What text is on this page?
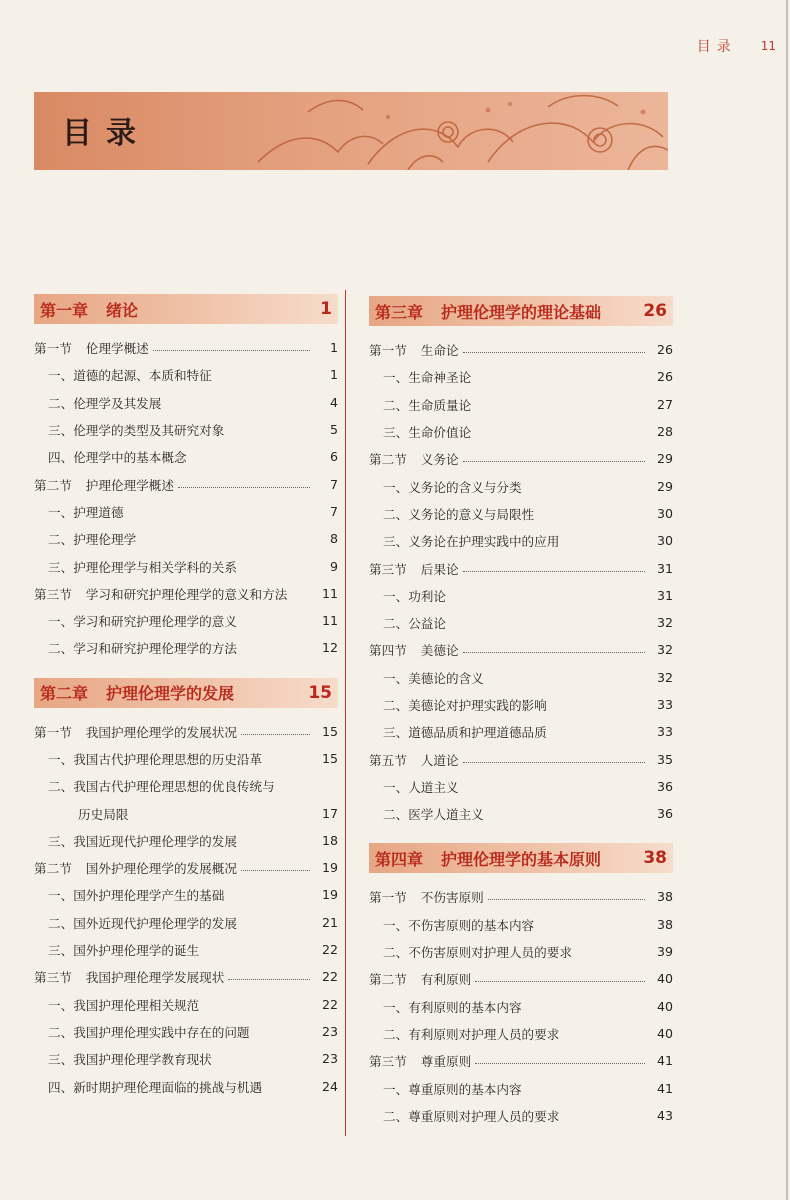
目录 11
目录
第一章 绪论	1
第一节 伦理学概述	1
一、道德的起源、本质和特征	1
二、伦理学及其发展	4
三、伦理学的类型及其研究对象	5
四、伦理学中的基本概念	6
第二节 护理伦理学概述	7
一、护理道德	7
二、护理伦理学	8
三、护理伦理学与相关学科的关系	9
第三节 学习和研究护理伦理学的意义和方法	11
一、学习和研究护理伦理学的意义	11
二、学习和研究护理伦理学的方法	12
第二章 护理伦理学的发展	15
第一节 我国护理伦理学的发展状况	15
一、我国古代护理伦理思想的历史沿革	15
二、我国古代护理伦理思想的优良传统与
历史局限	17
三、我国近现代护理伦理学的发展	18
第二节 国外护理伦理学的发展概况	19
一、国外护理伦理学产生的基础	19
二、国外近现代护理伦理学的发展	21
三、国外护理伦理学的诞生	22
第三节 我国护理伦理学发展现状	22
一、我国护理伦理相关规范	22
二、我国护理伦理实践中存在的问题	23
三、我国护理伦理学教育现状	23
四、新时期护理伦理面临的挑战与机遇	24
第三章 护理伦理学的理论基础	26
第一节 生命论	26
一、生命神圣论	26
二、生命质量论	27
三、生命价值论	28
第二节 义务论	29
一、义务论的含义与分类	29
二、义务论的意义与局限性	30
三、义务论在护理实践中的应用	30
第三节 后果论	31
一、功利论	31
二、公益论	32
第四节 美德论	32
一、美德论的含义	32
二、美德论对护理实践的影响	33
三、道德品质和护理道德品质	33
第五节 人道论	35
一、人道主义	36
二、医学人道主义	36
第四章 护理伦理学的基本原则	38
第一节 不伤害原则	38
一、不伤害原则的基本内容	38
二、不伤害原则对护理人员的要求	39
第二节 有利原则	40
一、有利原则的基本内容	40
二、有利原则对护理人员的要求	40
第三节 尊重原则	41
一、尊重原则的基本内容	41
二、尊重原则对护理人员的要求	43
